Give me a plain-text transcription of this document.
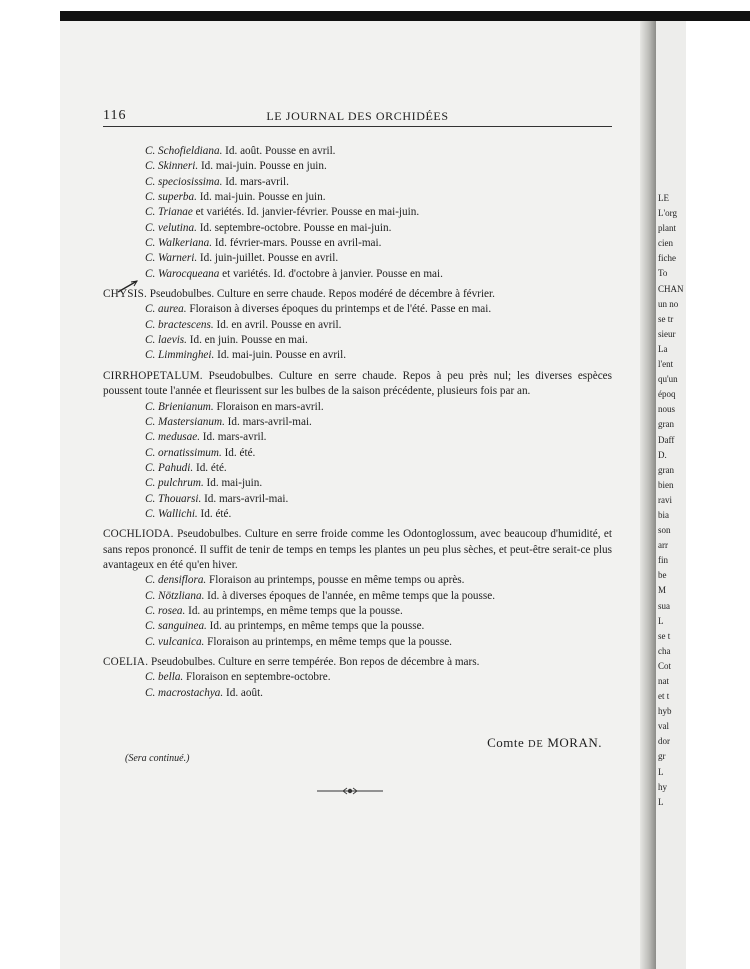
LE
L'org
plant
cien
fiche
To
CHAN
un no
se tr
sieur
La
l'ent
qu'un
époq
nous
gran
Daff
D.
gran
bien
ravi
bia
son
arr
fin
be
M
sua
L
se t
cha
Cot
nat
et t
hyb
val
dor
gr
L
hy
L

116	LE JOURNAL DES ORCHIDÉES
C. Schofieldiana. Id. août. Pousse en avril.
C. Skinneri. Id. mai-juin. Pousse en juin.
C. speciosissima. Id. mars-avril.
C. superba. Id. mai-juin. Pousse en juin.
C. Trianae et variétés. Id. janvier-février. Pousse en mai-juin.
C. velutina. Id. septembre-octobre. Pousse en mai-juin.
C. Walkeriana. Id. février-mars. Pousse en avril-mai.
C. Warneri. Id. juin-juillet. Pousse en avril.
C. Warocqueana et variétés. Id. d'octobre à janvier. Pousse en mai.
CHYSIS. Pseudobulbes. Culture en serre chaude. Repos modéré de décembre à février.
C. aurea. Floraison à diverses époques du printemps et de l'été. Passe en mai.
C. bractescens. Id. en avril. Pousse en avril.
C. laevis. Id. en juin. Pousse en mai.
C. Limminghei. Id. mai-juin. Pousse en avril.
CIRRHOPETALUM. Pseudobulbes. Culture en serre chaude. Repos à peu près nul; les diverses espèces poussent toute l'année et fleurissent sur les bulbes de la saison précédente, plusieurs fois par an.
C. Brienianum. Floraison en mars-avril.
C. Mastersianum. Id. mars-avril-mai.
C. medusae. Id. mars-avril.
C. ornatissimum. Id. été.
C. Pahudi. Id. été.
C. pulchrum. Id. mai-juin.
C. Thouarsi. Id. mars-avril-mai.
C. Wallichi. Id. été.
COCHLIODA. Pseudobulbes. Culture en serre froide comme les Odontoglossum, avec beaucoup d'humidité, et sans repos prononcé. Il suffit de tenir de temps en temps les plantes un peu plus sèches, et peut-être serait-ce plus avantageux en été qu'en hiver.
C. densiflora. Floraison au printemps, pousse en même temps ou après.
C. Nötzliana. Id. à diverses époques de l'année, en même temps que la pousse.
C. rosea. Id. au printemps, en même temps que la pousse.
C. sanguinea. Id. au printemps, en même temps que la pousse.
C. vulcanica. Floraison au printemps, en même temps que la pousse.
COELIA. Pseudobulbes. Culture en serre tempérée. Bon repos de décembre à mars.
C. bella. Floraison en septembre-octobre.
C. macrostachya. Id. août.
Comte DE MORAN.
(Sera continué.)
